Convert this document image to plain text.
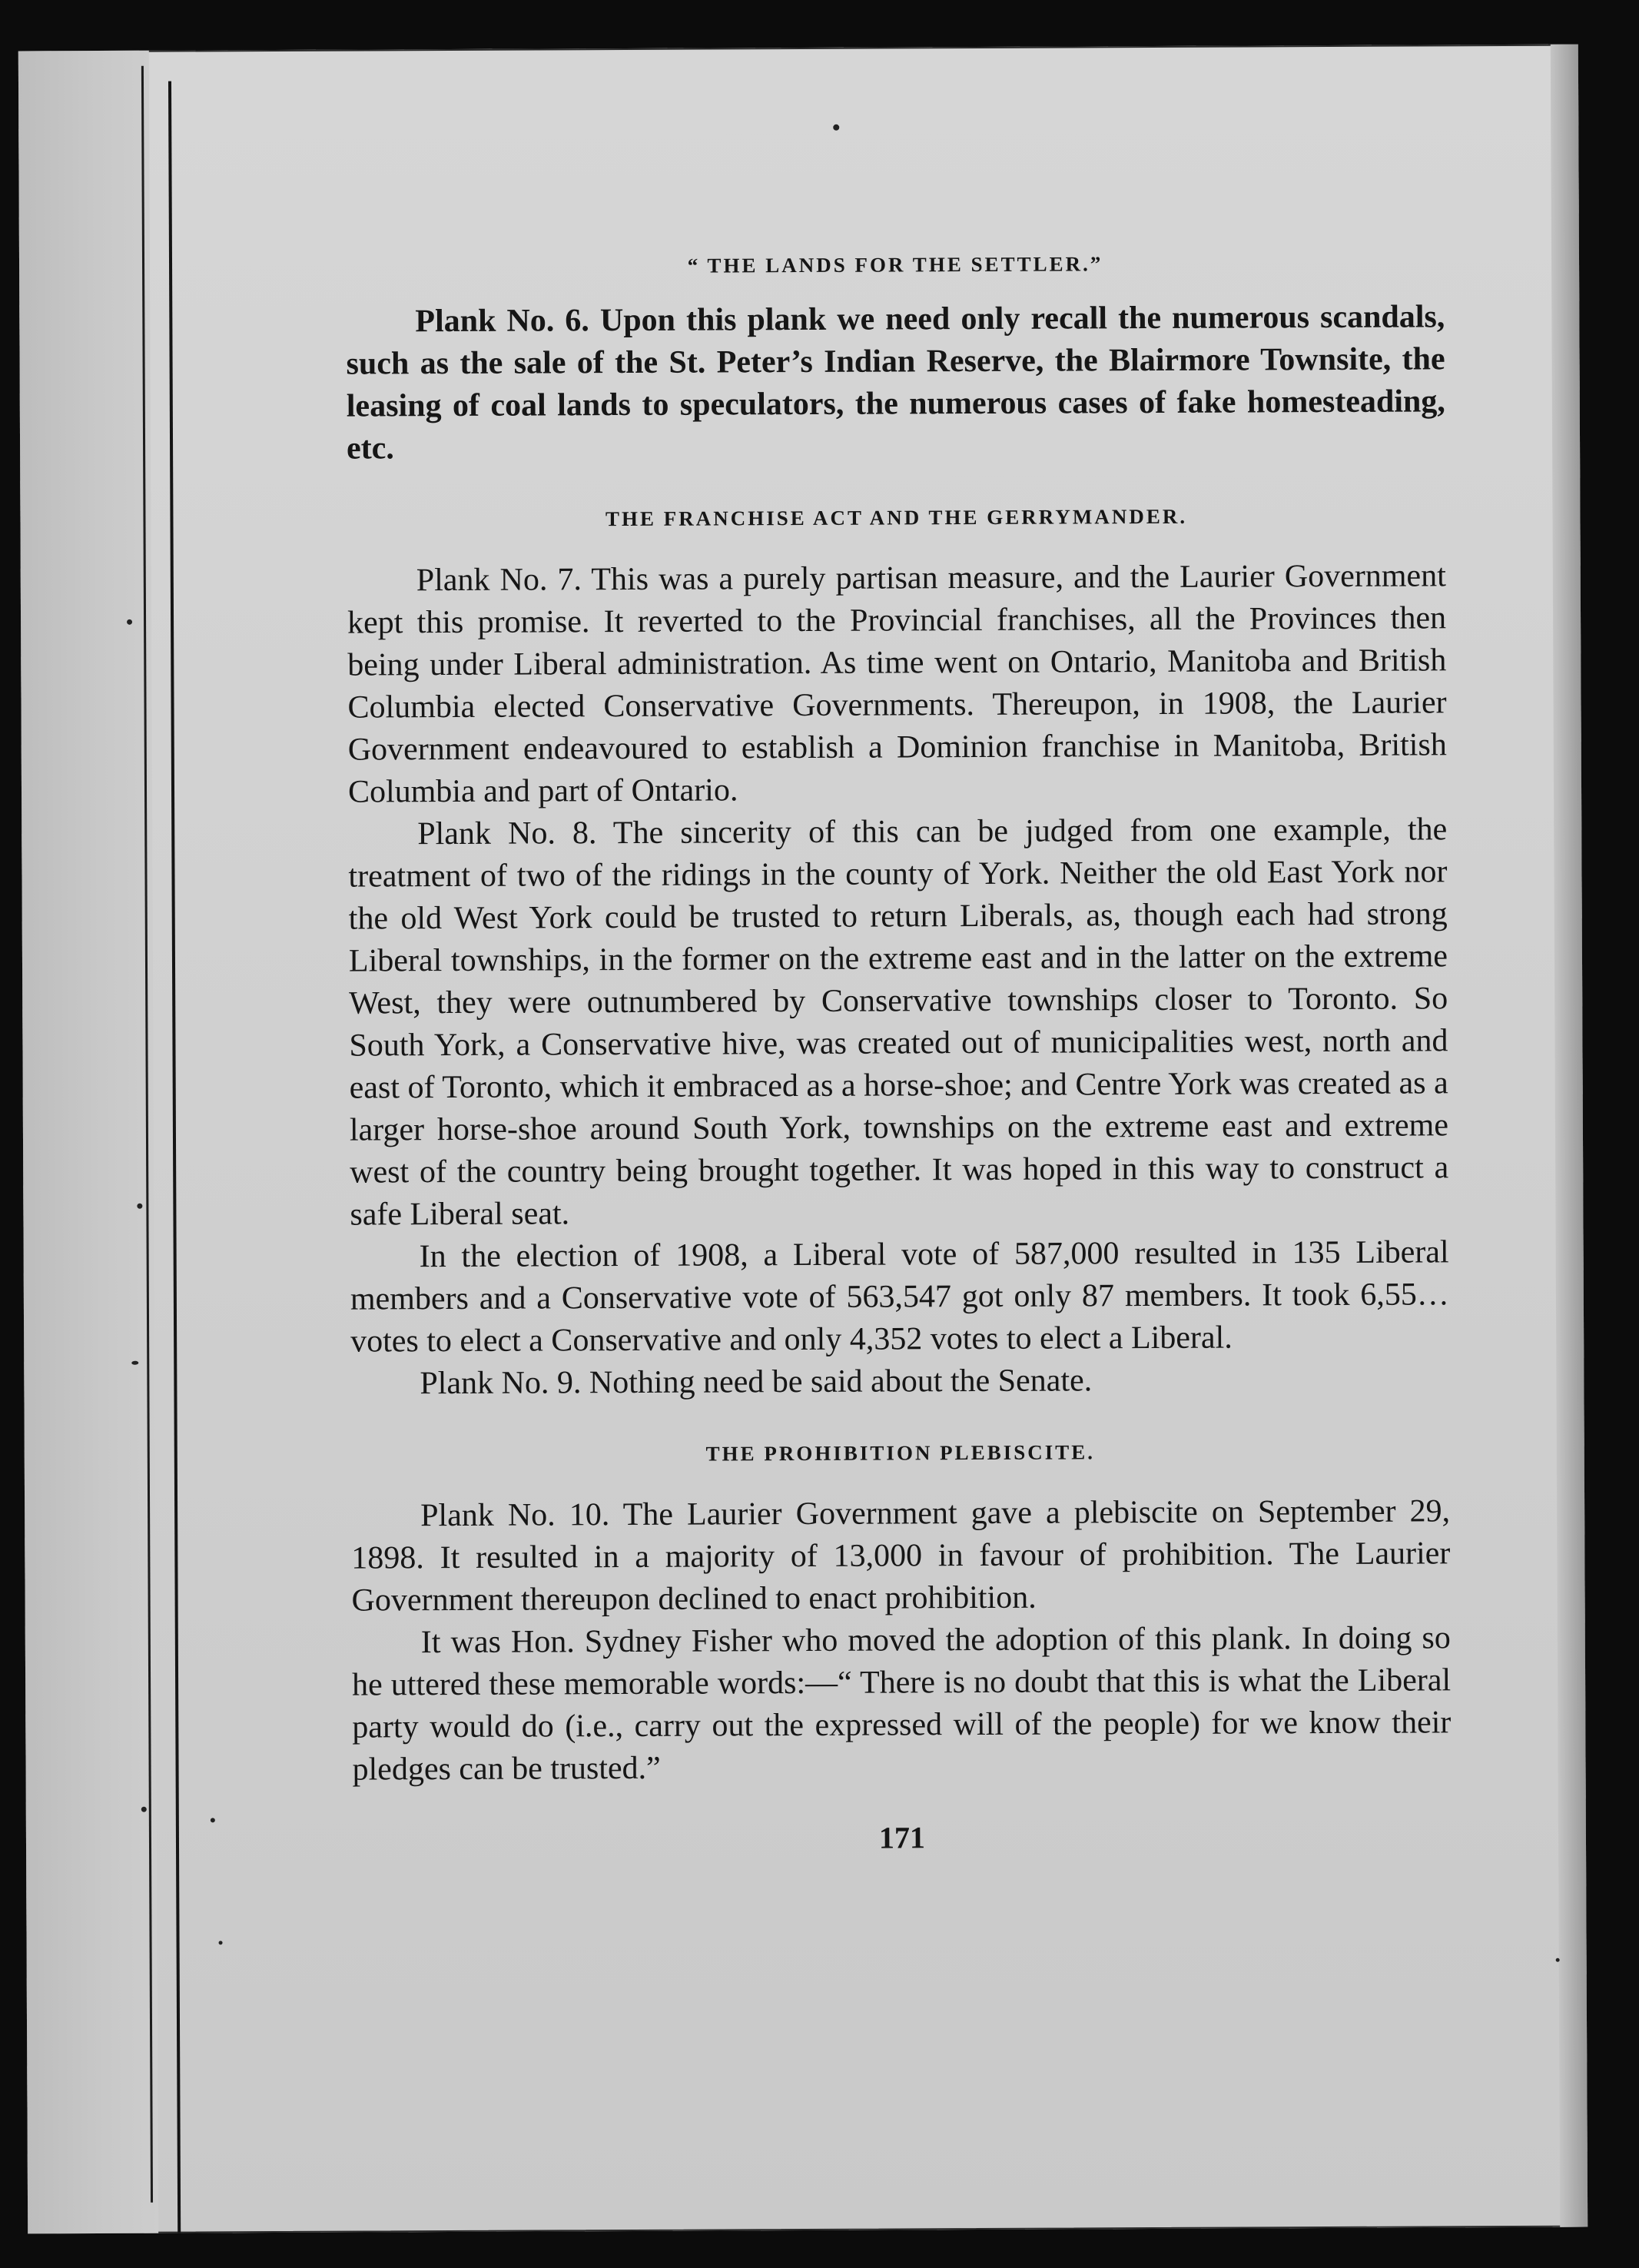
“ THE LANDS FOR THE SETTLER.”

Plank No. 6. Upon this plank we need only recall the numerous scandals, such as the sale of the St. Peter’s Indian Reserve, the Blairmore Townsite, the leasing of coal lands to speculators, the numerous cases of fake homesteading, etc.

THE FRANCHISE ACT AND THE GERRYMANDER.

Plank No. 7. This was a purely partisan measure, and the Laurier Government kept this promise. It reverted to the Provincial franchises, all the Provinces then being under Liberal administration. As time went on Ontario, Manitoba and British Columbia elected Conservative Governments. Thereupon, in 1908, the Laurier Government endeavoured to establish a Dominion franchise in Manitoba, British Columbia and part of Ontario.

Plank No. 8. The sincerity of this can be judged from one example, the treatment of two of the ridings in the county of York. Neither the old East York nor the old West York could be trusted to return Liberals, as, though each had strong Liberal townships, in the former on the extreme east and in the latter on the extreme West, they were outnumbered by Conservative townships closer to Toronto. So South York, a Conservative hive, was created out of municipalities west, north and east of Toronto, which it embraced as a horse-shoe; and Centre York was created as a larger horse-shoe around South York, townships on the extreme east and extreme west of the country being brought together. It was hoped in this way to construct a safe Liberal seat.

In the election of 1908, a Liberal vote of 587,000 resulted in 135 Liberal members and a Conservative vote of 563,547 got only 87 members. It took 6,55… votes to elect a Conservative and only 4,352 votes to elect a Liberal.

Plank No. 9. Nothing need be said about the Senate.

THE PROHIBITION PLEBISCITE.

Plank No. 10. The Laurier Government gave a plebiscite on September 29, 1898. It resulted in a majority of 13,000 in favour of prohibition. The Laurier Government thereupon declined to enact prohibition.

It was Hon. Sydney Fisher who moved the adoption of this plank. In doing so he uttered these memorable words:—“ There is no doubt that this is what the Liberal party would do (i.e., carry out the expressed will of the people) for we know their pledges can be trusted.”

171
